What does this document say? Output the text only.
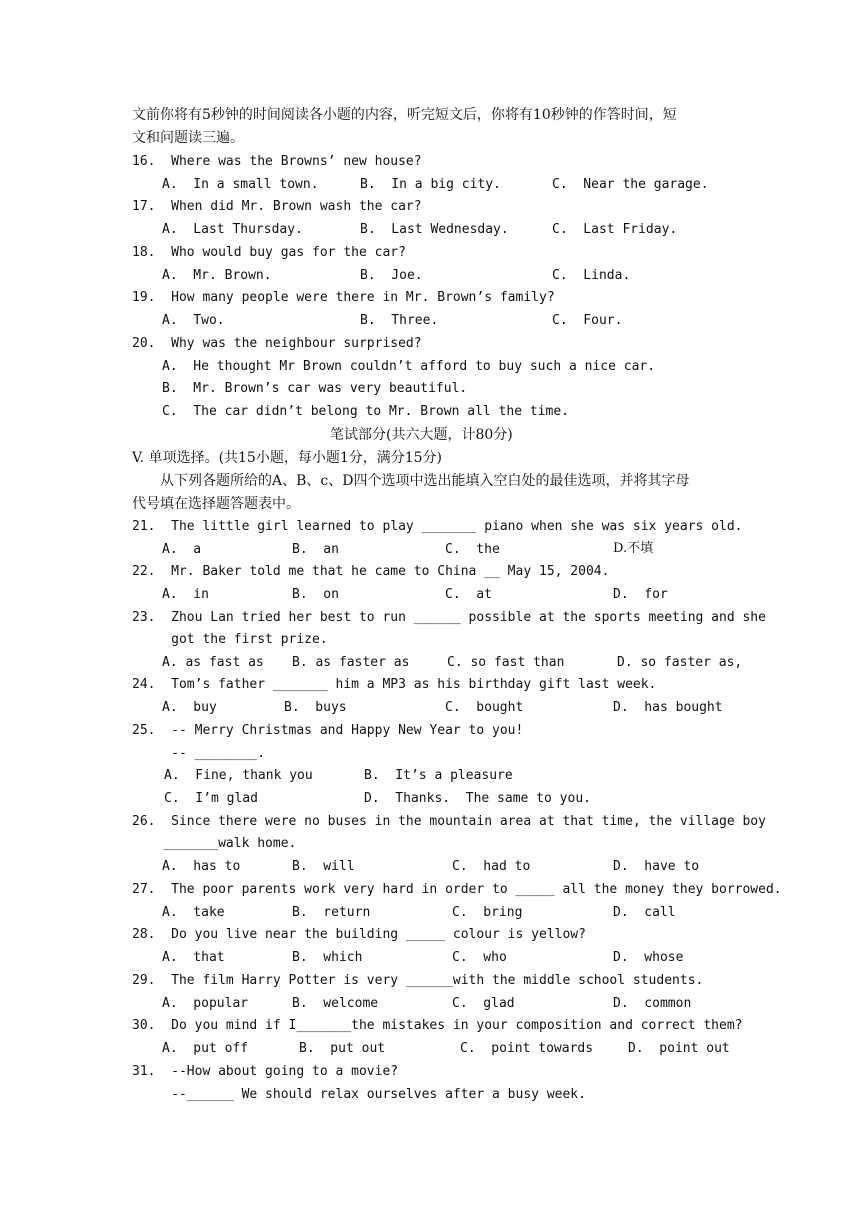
文前你将有5秒钟的时间阅读各小题的内容，听完短文后，你将有10秒钟的作答时间，短
文和问题读三遍。
16.  Where was the Browns’ new house?
A.  In a small town.	B.  In a big city.	C.  Near the garage.
17.  When did Mr. Brown wash the car?
A.  Last Thursday.	B.  Last Wednesday.	C.  Last Friday.
18.  Who would buy gas for the car?
A.  Mr. Brown.	B.  Joe.	C.  Linda.
19.  How many people were there in Mr. Brown’s family?
A.  Two.	B.  Three.	C.  Four.
20.  Why was the neighbour surprised?
A.  He thought Mr Brown couldn’t afford to buy such a nice car.
B.  Mr. Brown’s car was very beautiful.
C.  The car didn’t belong to Mr. Brown all the time.
笔试部分(共六大题，计80分)
V. 单项选择。(共15小题，每小题1分，满分15分)
从下列各题所给的A、B、c、D四个选项中选出能填入空白处的最佳选项，并将其字母
代号填在选择题答题表中。
21.  The little girl learned to play _______ piano when she was six years old.
A.  a	B.  an	C.  the	D.不填
22.  Mr. Baker told me that he came to China __ May 15, 2004.
A.  in	B.  on	C.  at	D.  for
23.  Zhou Lan tried her best to run ______ possible at the sports meeting and she
got the first prize.
A. as fast as B. as faster as	C. so fast than	D. so faster as,
24.  Tom’s father _______ him a MP3 as his birthday gift last week.
A.  buy	B.  buys	C.  bought	D.  has bought
25.  -- Merry Christmas and Happy New Year to you!
-- ________.
A.  Fine, thank you	B.  It’s a pleasure
C.  I’m glad	D.  Thanks.  The same to you.
26.  Since there were no buses in the mountain area at that time, the village boy
_______walk home.
A.  has to	B.  will	C.  had to	D.  have to
27.  The poor parents work very hard in order to _____ all the money they borrowed.
A.  take	B.  return	C.  bring	D.  call
28.  Do you live near the building _____ colour is yellow?
A.  that	B.  which	C.  who	D.  whose
29.  The film Harry Potter is very ______with the middle school students.
A.  popular	B.  welcome	C.  glad	D.  common
30.  Do you mind if I_______the mistakes in your composition and correct them?
A.  put off	B.  put out	C.  point towards	D.  point out
31.  --How about going to a movie?
--______ We should relax ourselves after a busy week.
